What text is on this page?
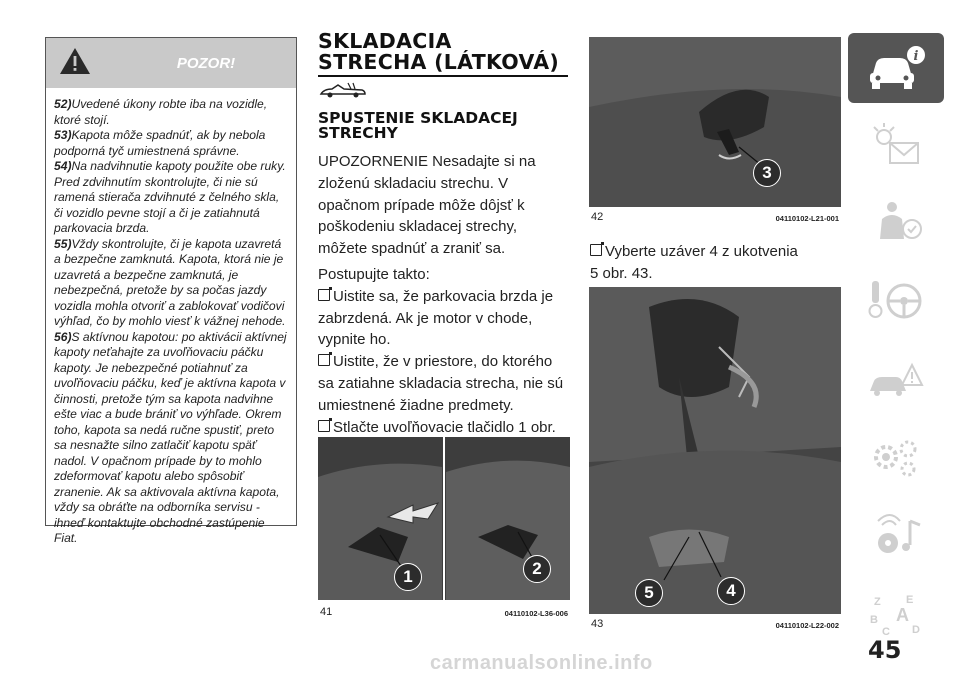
POZOR!

52)Uvedené úkony robte iba na vozidle, ktoré stojí.

53)Kapota môže spadnúť, ak by nebola podporná tyč umiestnená správne.

54)Na nadvihnutie kapoty použite obe ruky. Pred zdvihnutím skontrolujte, či nie sú ramená stierača zdvihnuté z čelného skla, či vozidlo pevne stojí a či je zatiahnutá parkovacia brzda.

55)Vždy skontrolujte, či je kapota uzavretá a bezpečne zamknutá. Kapota, ktorá nie je uzavretá a bezpečne zamknutá, je nebezpečná, pretože by sa počas jazdy vozidla mohla otvoriť a zablokovať vodičovi výhľad, čo by mohlo viesť k vážnej nehode.

56)S aktívnou kapotou: po aktivácii aktívnej kapoty neťahajte za uvoľňovaciu páčku kapoty. Je nebezpečné potiahnuť za uvoľňovaciu páčku, keď je aktívna kapota v činnosti, pretože tým sa kapota nadvihne ešte viac a bude brániť vo výhľade. Okrem toho, kapota sa nedá ručne spustiť, preto sa nesnažte silno zatlačiť kapotu späť nadol. V opačnom prípade by to mohlo zdeformovať kapotu alebo spôsobiť zranenie. Ak sa aktivovala aktívna kapota, vždy sa obráťte na odborníka servisu - ihneď kontaktujte obchodné zastúpenie Fiat.

SKLADACIA
STRECHA (LÁTKOVÁ)
SPUSTENIE SKLADACEJ
STRECHY

UPOZORNENIE Nesadajte si na zloženú skladaciu strechu. V opačnom prípade môže dôjsť k poškodeniu skladacej strechy, môžete spadnúť a zraniť sa.

Postupujte takto:

Uistite sa, že parkovacia brzda je zabrzdená. Ak je motor v chode, vypnite ho.

Uistite, že v priestore, do ktorého sa zatiahne skladacia strecha, nie sú umiestnené žiadne predmety.

Stlačte uvoľňovacie tlačidlo 1 obr.

1	2
41	04110102-L36-006
3
42	04110102-L21-001

Vyberte uzáver 4 z ukotvenia 5 obr. 43.

5	4
43	04110102-L22-002
i
Z E
B A
C D
45
carmanualsonline.info
